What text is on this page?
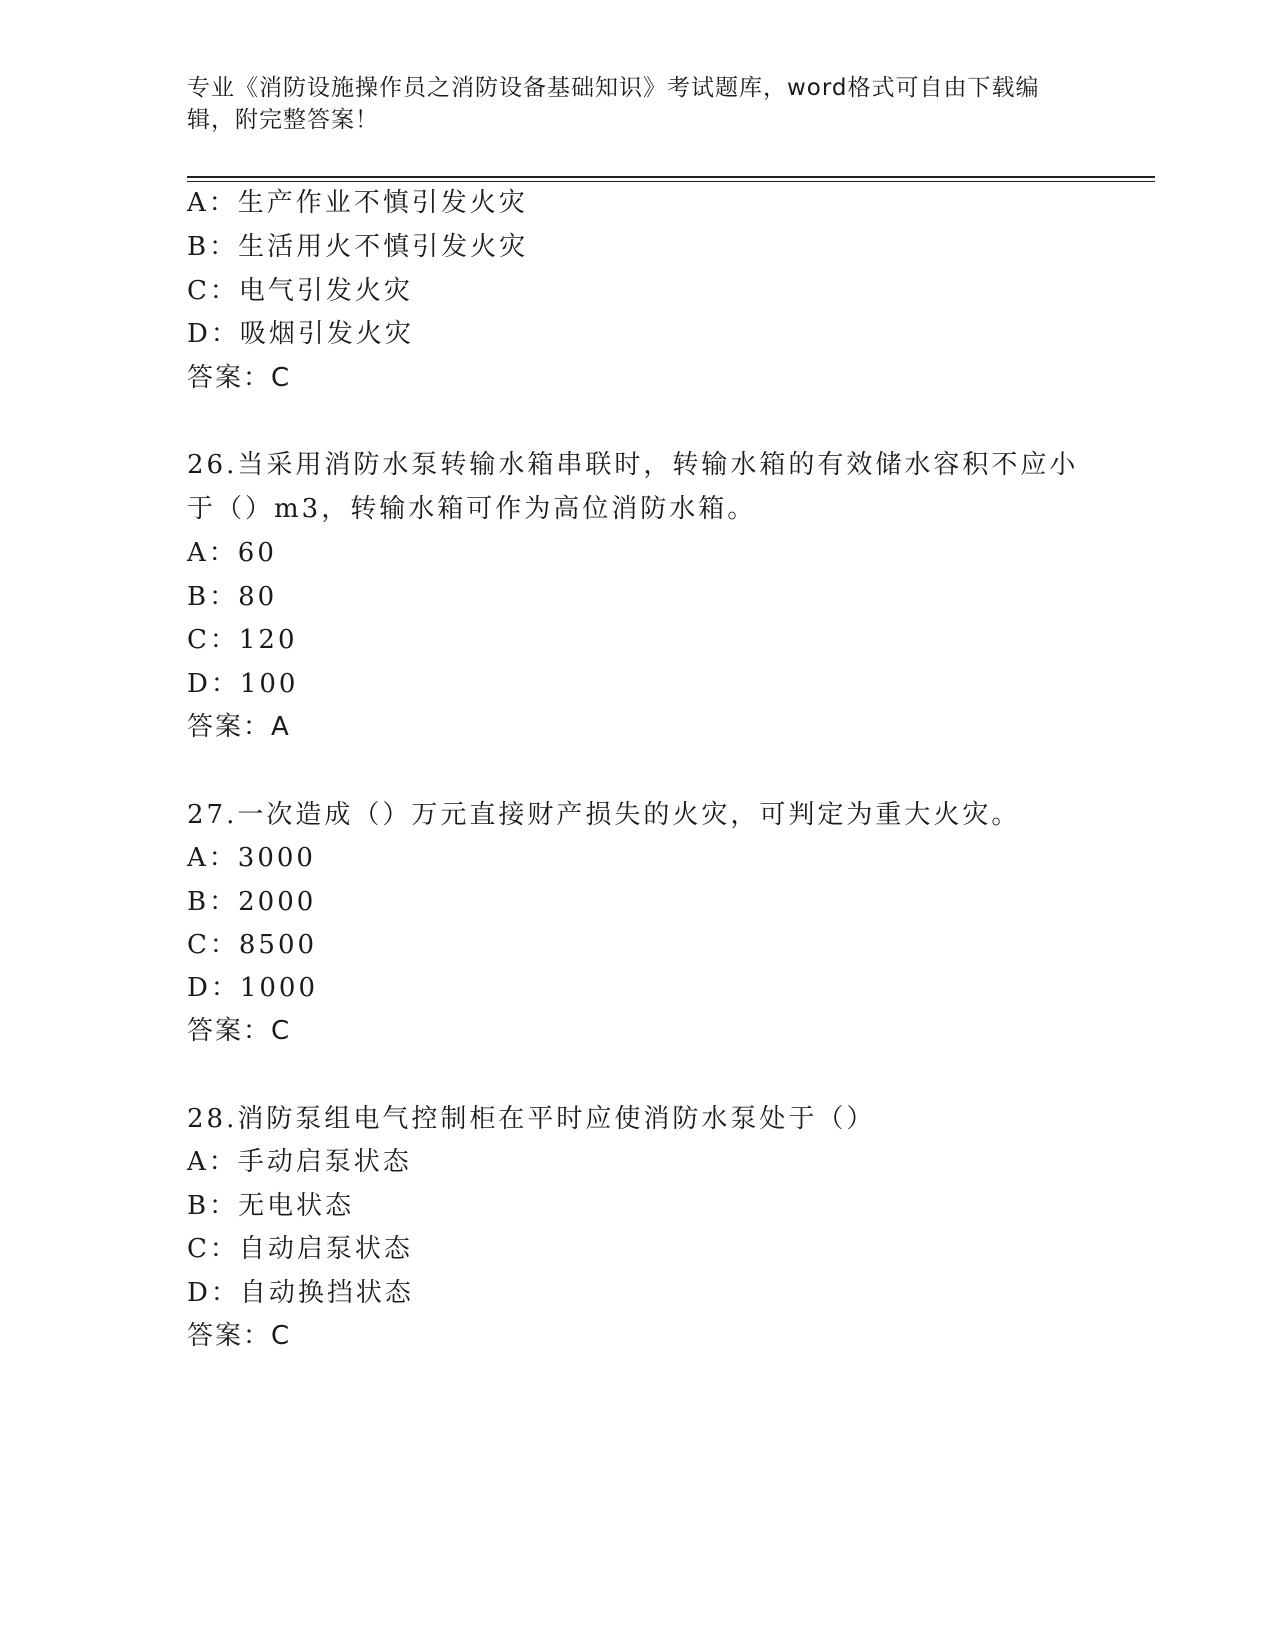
专业《消防设施操作员之消防设备基础知识》考试题库，word格式可自由下载编
辑，附完整答案！
A：生产作业不慎引发火灾
B：生活用火不慎引发火灾
C：电气引发火灾
D：吸烟引发火灾
答案：C
26.当采用消防水泵转输水箱串联时，转输水箱的有效储水容积不应小
于（）m3，转输水箱可作为高位消防水箱。
A：60
B：80
C：120
D：100
答案：A
27.一次造成（）万元直接财产损失的火灾，可判定为重大火灾。
A：3000
B：2000
C：8500
D：1000
答案：C
28.消防泵组电气控制柜在平时应使消防水泵处于（）
A：手动启泵状态
B：无电状态
C：自动启泵状态
D：自动换挡状态
答案：C
